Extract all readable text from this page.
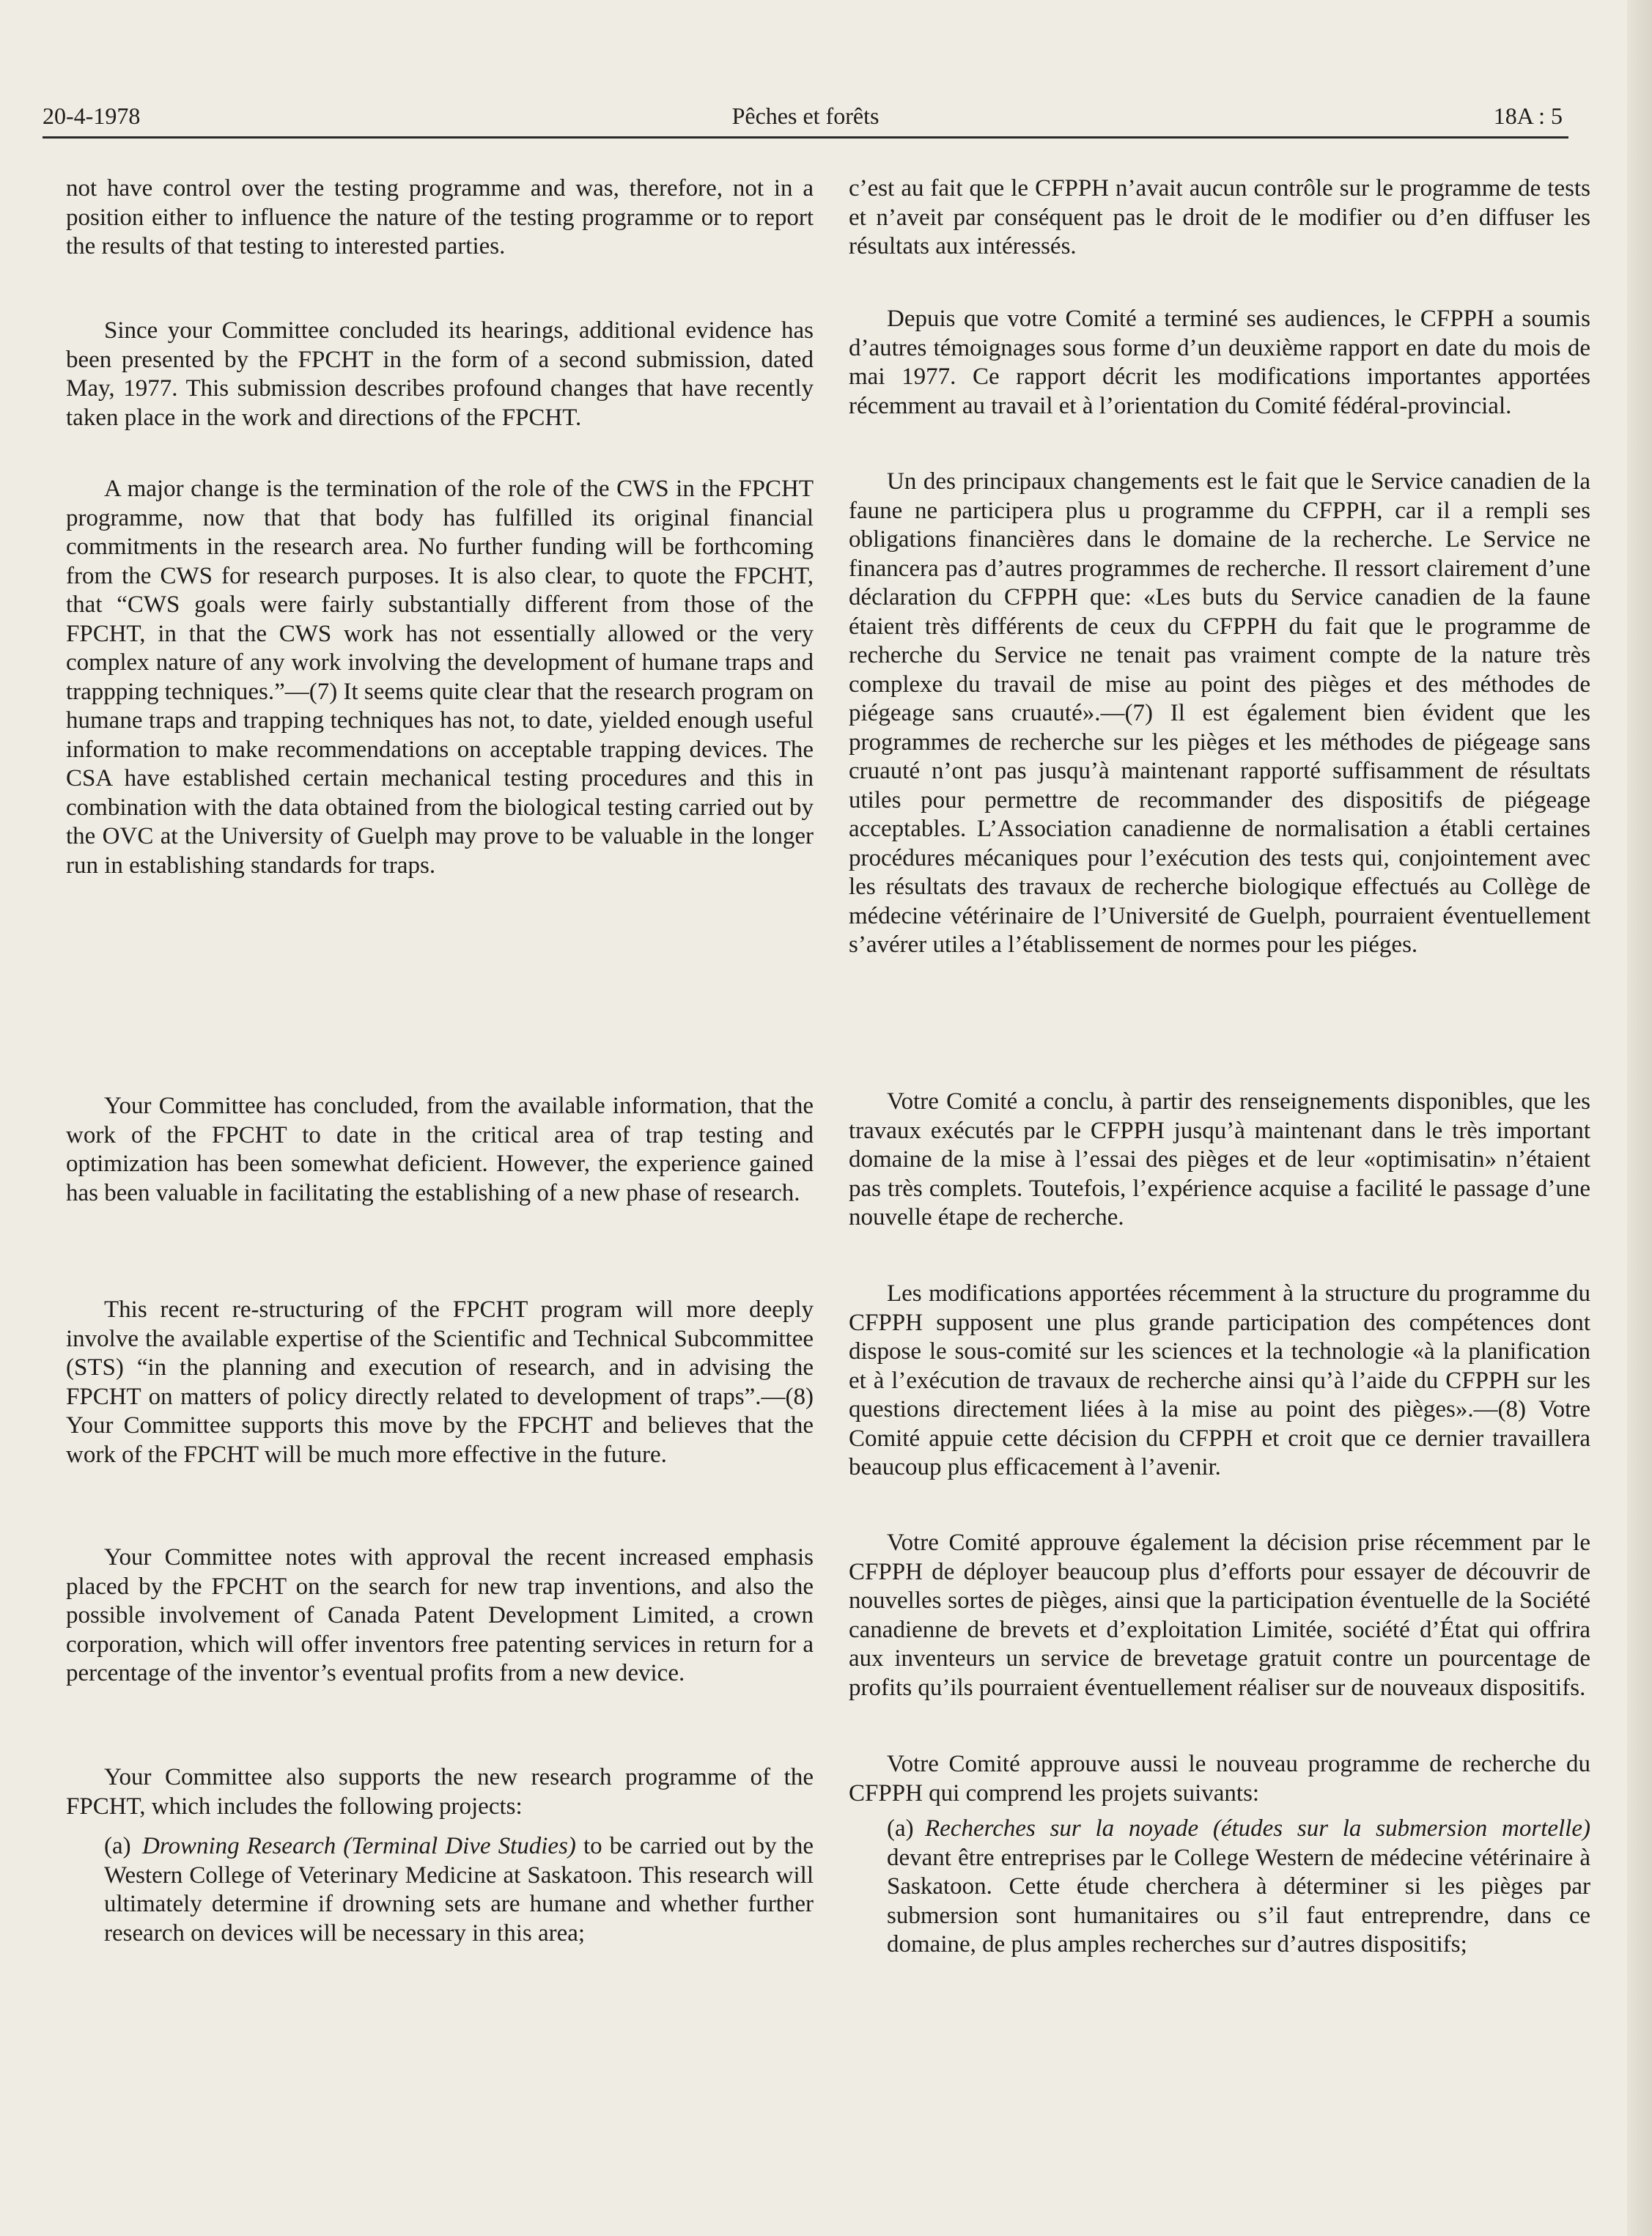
20-4-1978	Pêches et forêts	18A : 5

not have control over the testing programme and was, therefore, not in a position either to influence the nature of the testing programme or to report the results of that testing to interested parties.

Since your Committee concluded its hearings, additional evidence has been presented by the FPCHT in the form of a second submission, dated May, 1977. This submission describes profound changes that have recently taken place in the work and directions of the FPCHT.

A major change is the termination of the role of the CWS in the FPCHT programme, now that that body has fulfilled its original financial commitments in the research area. No further funding will be forthcoming from the CWS for research purposes. It is also clear, to quote the FPCHT, that “CWS goals were fairly substantially different from those of the FPCHT, in that the CWS work has not essentially allowed or the very complex nature of any work involving the development of humane traps and trappping techniques.”—(7) It seems quite clear that the research program on humane traps and trapping techniques has not, to date, yielded enough useful information to make recommendations on acceptable trapping devices. The CSA have established certain mechanical testing procedures and this in combination with the data obtained from the biological testing carried out by the OVC at the University of Guelph may prove to be valuable in the longer run in establishing standards for traps.

Your Committee has concluded, from the available information, that the work of the FPCHT to date in the critical area of trap testing and optimization has been somewhat deficient. However, the experience gained has been valuable in facilitating the establishing of a new phase of research.

This recent re-structuring of the FPCHT program will more deeply involve the available expertise of the Scientific and Technical Subcommittee (STS) “in the planning and execution of research, and in advising the FPCHT on matters of policy directly related to development of traps”.—(8) Your Committee supports this move by the FPCHT and believes that the work of the FPCHT will be much more effective in the future.

Your Committee notes with approval the recent increased emphasis placed by the FPCHT on the search for new trap inventions, and also the possible involvement of Canada Patent Development Limited, a crown corporation, which will offer inventors free patenting services in return for a percentage of the inventor’s eventual profits from a new device.

Your Committee also supports the new research programme of the FPCHT, which includes the following projects:

(a) Drowning Research (Terminal Dive Studies) to be carried out by the Western College of Veterinary Medicine at Saskatoon. This research will ultimately determine if drowning sets are humane and whether further research on devices will be necessary in this area;

c’est au fait que le CFPPH n’avait aucun contrôle sur le programme de tests et n’aveit par conséquent pas le droit de le modifier ou d’en diffuser les résultats aux intéressés.

Depuis que votre Comité a terminé ses audiences, le CFPPH a soumis d’autres témoignages sous forme d’un deuxième rapport en date du mois de mai 1977. Ce rapport décrit les modifications importantes apportées récemment au travail et à l’orientation du Comité fédéral-provincial.

Un des principaux changements est le fait que le Service canadien de la faune ne participera plus u programme du CFPPH, car il a rempli ses obligations financières dans le domaine de la recherche. Le Service ne financera pas d’autres programmes de recherche. Il ressort clairement d’une déclaration du CFPPH que: «Les buts du Service canadien de la faune étaient très différents de ceux du CFPPH du fait que le programme de recherche du Service ne tenait pas vraiment compte de la nature très complexe du travail de mise au point des pièges et des méthodes de piégeage sans cruauté».—(7) Il est également bien évident que les programmes de recherche sur les pièges et les méthodes de piégeage sans cruauté n’ont pas jusqu’à maintenant rapporté suffisamment de résultats utiles pour permettre de recommander des dispositifs de piégeage acceptables. L’Association canadienne de normalisation a établi certaines procédures mécaniques pour l’exécution des tests qui, conjointement avec les résultats des travaux de recherche biologique effectués au Collège de médecine vétérinaire de l’Université de Guelph, pourraient éventuellement s’avérer utiles a l’établissement de normes pour les piéges.

Votre Comité a conclu, à partir des renseignements disponibles, que les travaux exécutés par le CFPPH jusqu’à maintenant dans le très important domaine de la mise à l’essai des pièges et de leur «optimisatin» n’étaient pas très complets. Toutefois, l’expérience acquise a facilité le passage d’une nouvelle étape de recherche.

Les modifications apportées récemment à la structure du programme du CFPPH supposent une plus grande participation des compétences dont dispose le sous-comité sur les sciences et la technologie «à la planification et à l’exécution de travaux de recherche ainsi qu’à l’aide du CFPPH sur les questions directement liées à la mise au point des pièges».—(8) Votre Comité appuie cette décision du CFPPH et croit que ce dernier travaillera beaucoup plus efficacement à l’avenir.

Votre Comité approuve également la décision prise récemment par le CFPPH de déployer beaucoup plus d’efforts pour essayer de découvrir de nouvelles sortes de pièges, ainsi que la participation éventuelle de la Société canadienne de brevets et d’exploitation Limitée, société d’État qui offrira aux inventeurs un service de brevetage gratuit contre un pourcentage de profits qu’ils pourraient éventuellement réaliser sur de nouveaux dispositifs.

Votre Comité approuve aussi le nouveau programme de recherche du CFPPH qui comprend les projets suivants:

(a) Recherches sur la noyade (études sur la submersion mortelle) devant être entreprises par le College Western de médecine vétérinaire à Saskatoon. Cette étude cherchera à déterminer si les pièges par submersion sont humanitaires ou s’il faut entreprendre, dans ce domaine, de plus amples recherches sur d’autres dispositifs;
